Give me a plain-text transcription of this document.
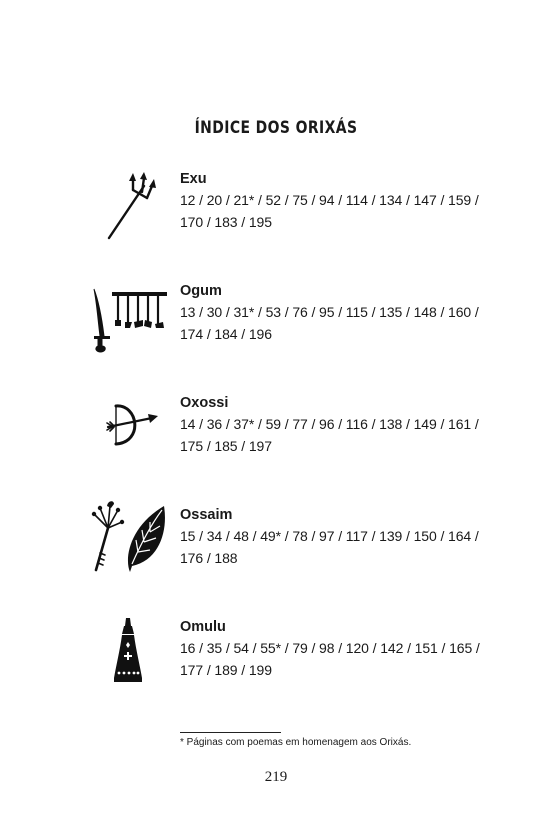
ÍNDICE DOS ORIXÁS
Exu
12 / 20 / 21* / 52 / 75 / 94 / 114 / 134 / 147 / 159 /
170 / 183 / 195
Ogum
13 / 30 / 31* / 53 / 76 / 95 / 115 / 135 / 148 / 160 /
174 / 184 / 196
Oxossi
14 / 36 / 37* / 59 / 77 / 96 / 116 / 138 / 149 / 161 /
175 / 185 / 197
Ossaim
15 / 34 / 48 / 49* / 78 / 97 / 117 / 139 / 150 / 164 /
176 / 188
Omulu
16 / 35 / 54 / 55* / 79 / 98 / 120 / 142 / 151 / 165 /
177 / 189 / 199
* Páginas com poemas em homenagem aos Orixás.
219
